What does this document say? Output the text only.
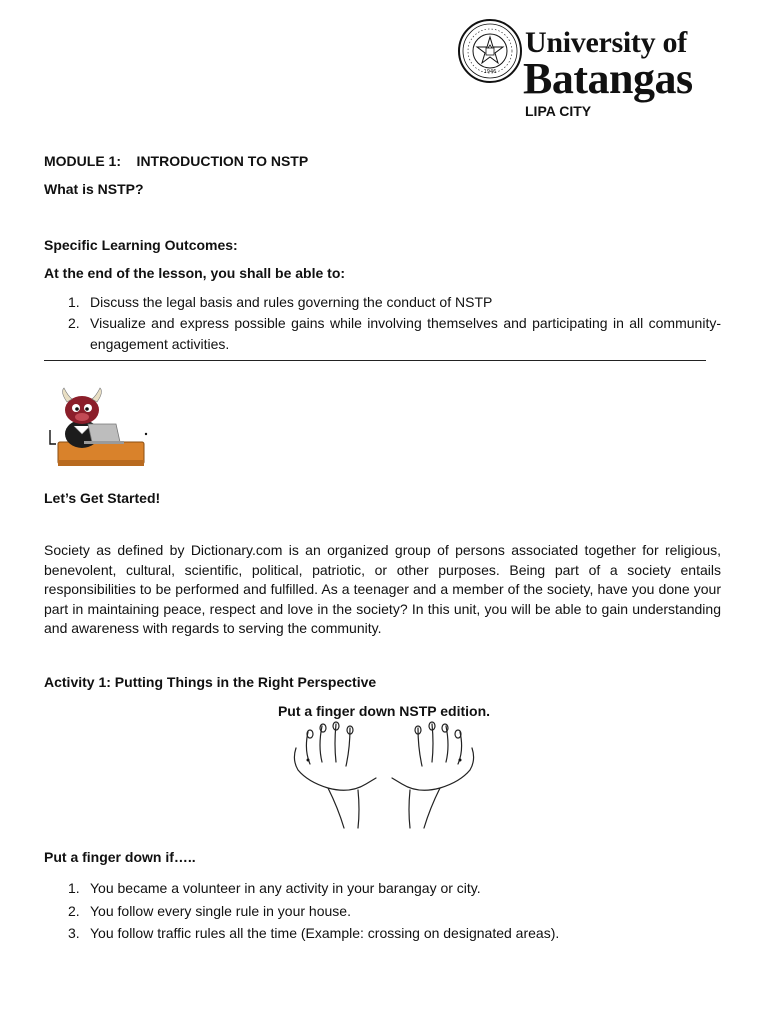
1946
University of
Batangas
LIPA CITY
MODULE 1:    INTRODUCTION TO NSTP
What is NSTP?
Specific Learning Outcomes:
At the end of the lesson, you shall be able to:
1. Discuss the legal basis and rules governing the conduct of NSTP
2. Visualize and express possible gains while involving themselves and participating in all community-engagement activities.
Let’s Get Started!
Society as defined by Dictionary.com is an organized group of persons associated together for religious, benevolent, cultural, scientific, political, patriotic, or other purposes. Being part of a society entails responsibilities to be performed and fulfilled. As a teenager and a member of the society, have you done your part in maintaining peace, respect and love in the society? In this unit, you will be able to gain understanding and awareness with regards to serving the community.
Activity 1: Putting Things in the Right Perspective
Put a finger down NSTP edition.
Put a finger down if…..
1. You became a volunteer in any activity in your barangay or city.
2. You follow every single rule in your house.
3. You follow traffic rules all the time (Example: crossing on designated areas).
